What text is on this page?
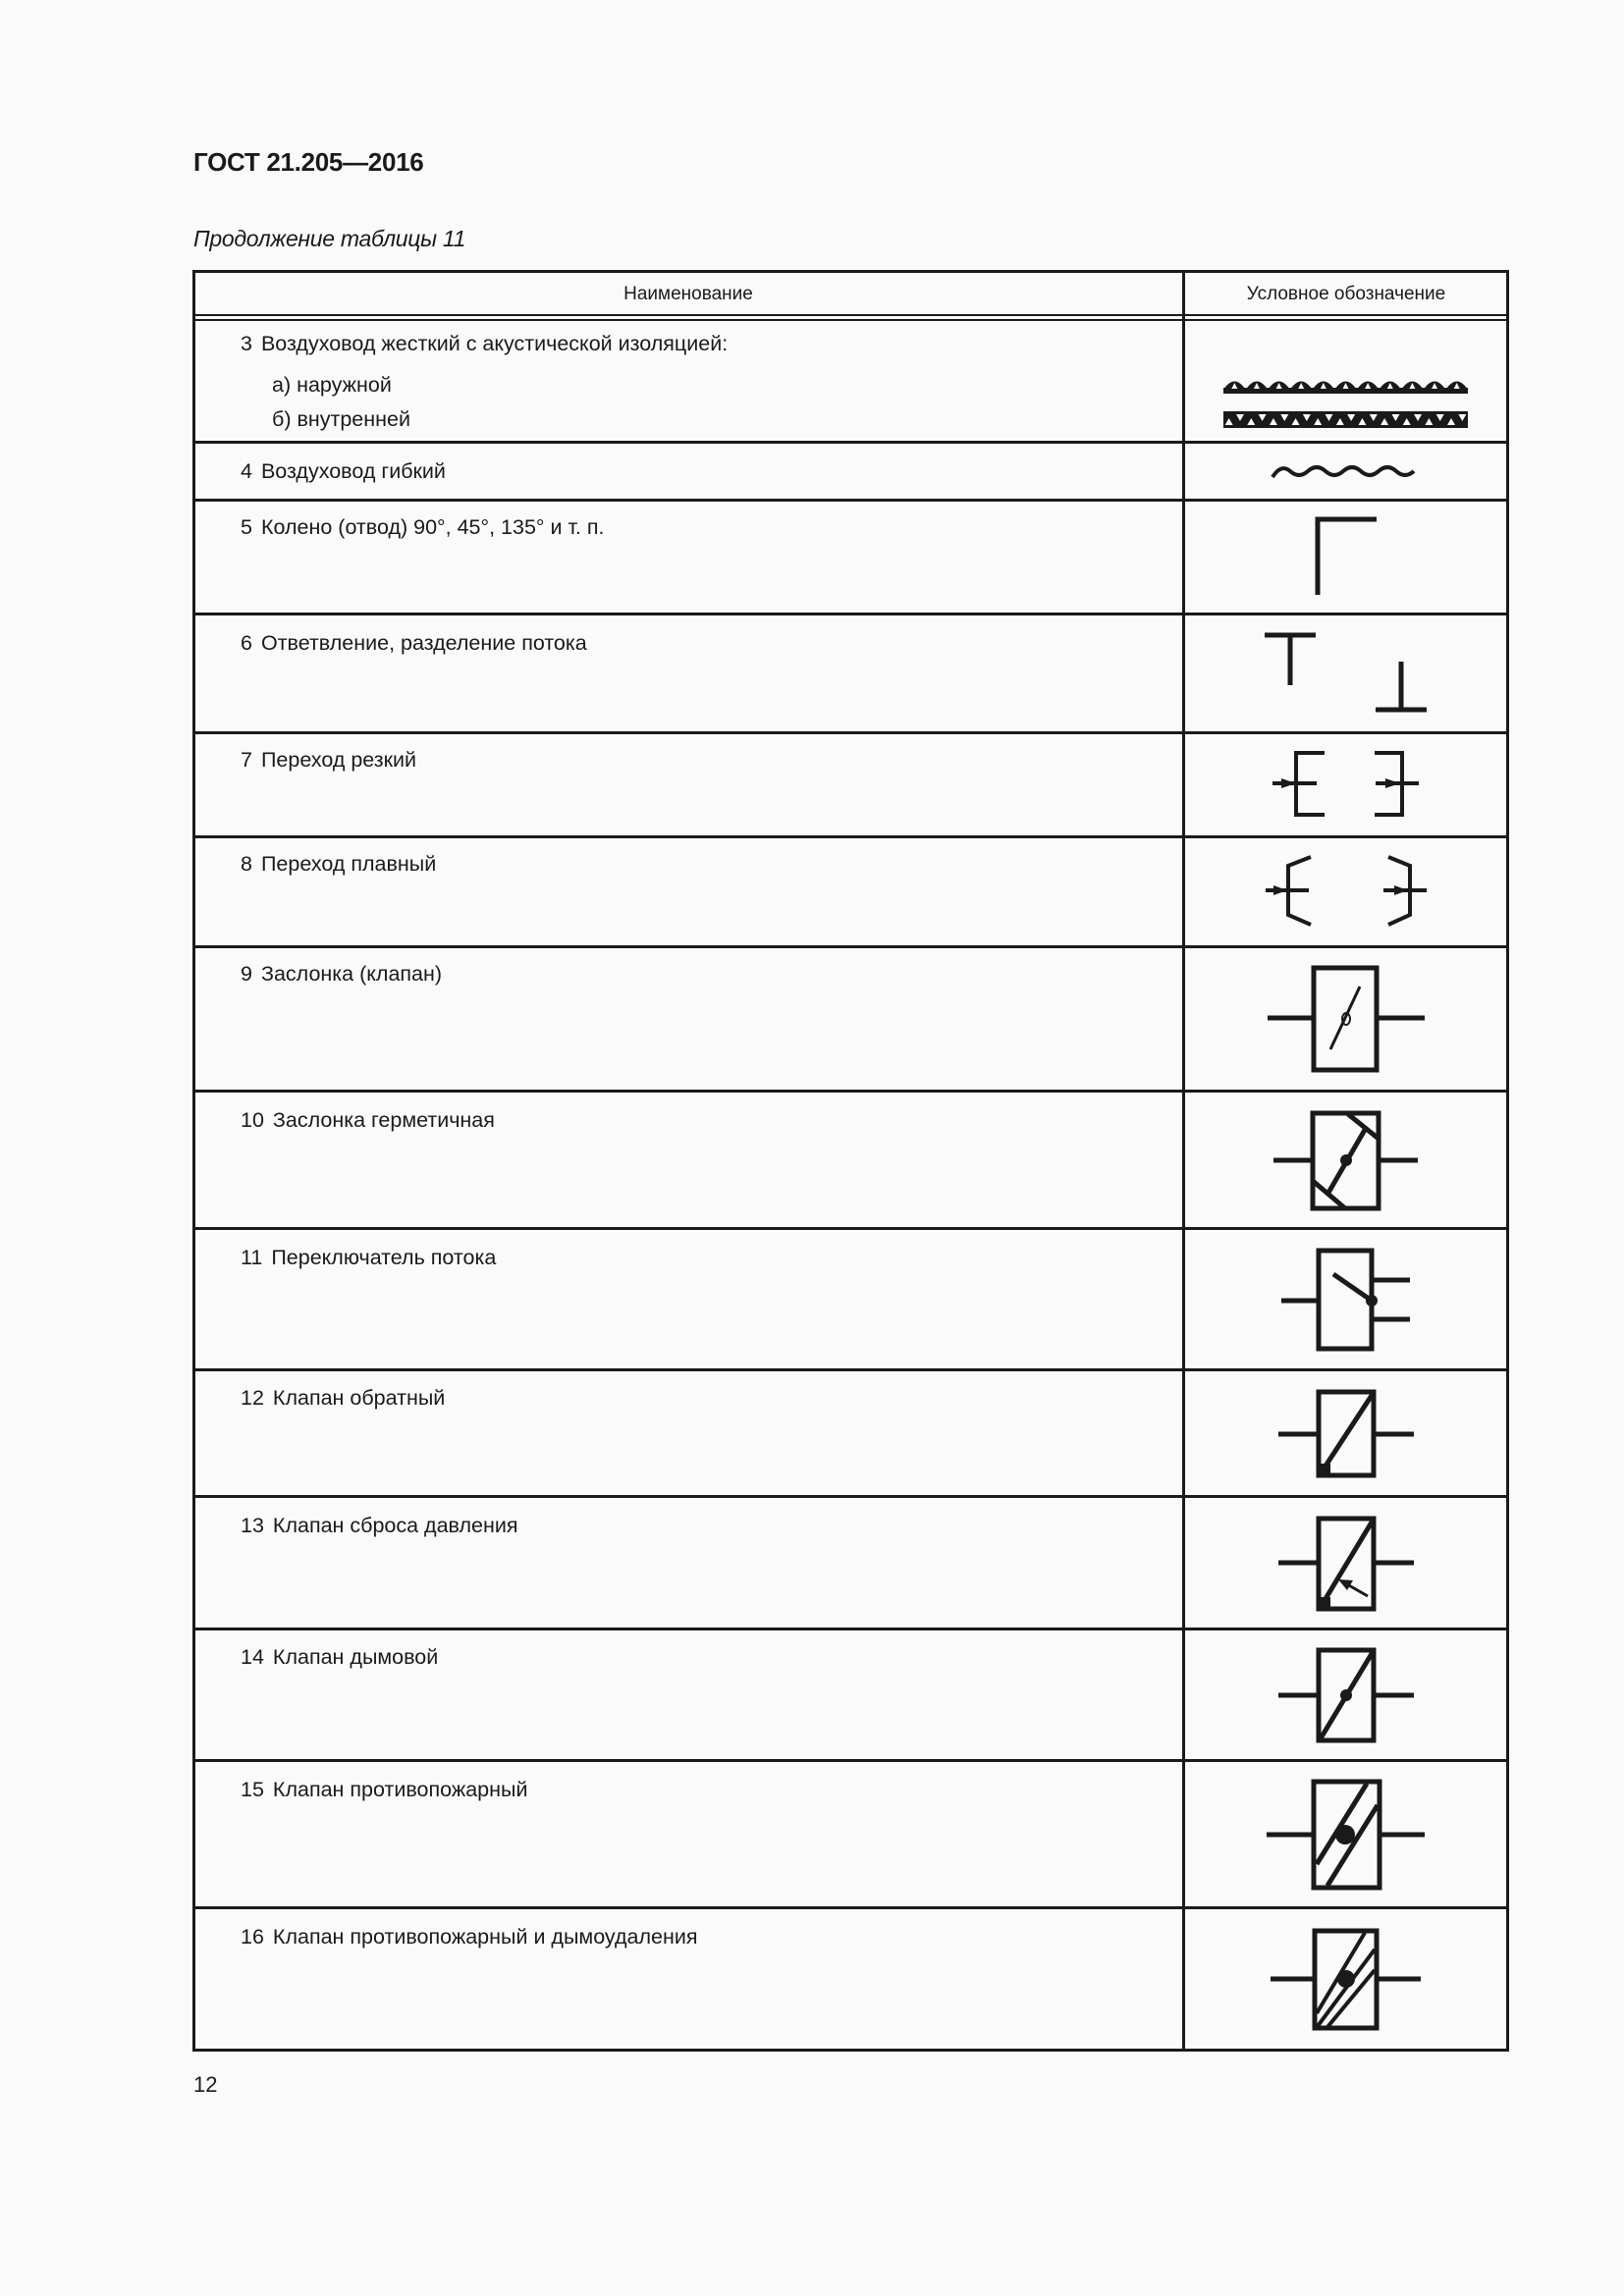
ГОСТ 21.205—2016
Продолжение таблицы 11
Наименование	Условное обозначение
3 Воздуховод жесткий с акустической изоляцией:
а) наружной
б) внутренней
4 Воздуховод гибкий
5 Колено (отвод) 90°, 45°, 135° и т. п.
6 Ответвление, разделение потока
7 Переход резкий
8 Переход плавный
9 Заслонка (клапан)
10 Заслонка герметичная
11 Переключатель потока
12 Клапан обратный
13 Клапан сброса давления
14 Клапан дымовой
15 Клапан противопожарный
16 Клапан противопожарный и дымоудаления
12
